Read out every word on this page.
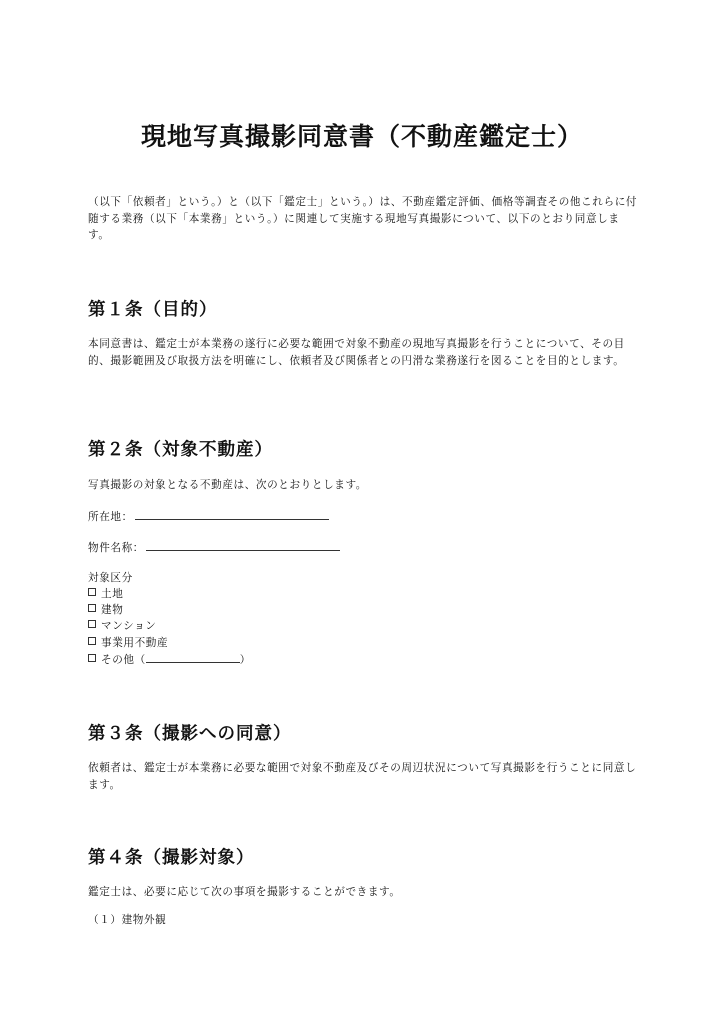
現地写真撮影同意書（不動産鑑定士）
（以下「依頼者」という。）と（以下「鑑定士」という。）は、不動産鑑定評価、価格等調査その他これらに付随する業務（以下「本業務」という。）に関連して実施する現地写真撮影について、以下のとおり同意します。
第１条（目的）
本同意書は、鑑定士が本業務の遂行に必要な範囲で対象不動産の現地写真撮影を行うことについて、その目的、撮影範囲及び取扱方法を明確にし、依頼者及び関係者との円滑な業務遂行を図ることを目的とします。
第２条（対象不動産）
写真撮影の対象となる不動産は、次のとおりとします。
所在地：
物件名称：
対象区分
土地
建物
マンション
事業用不動産
その他（	）
第３条（撮影への同意）
依頼者は、鑑定士が本業務に必要な範囲で対象不動産及びその周辺状況について写真撮影を行うことに同意します。
第４条（撮影対象）
鑑定士は、必要に応じて次の事項を撮影することができます。
（１）建物外観
